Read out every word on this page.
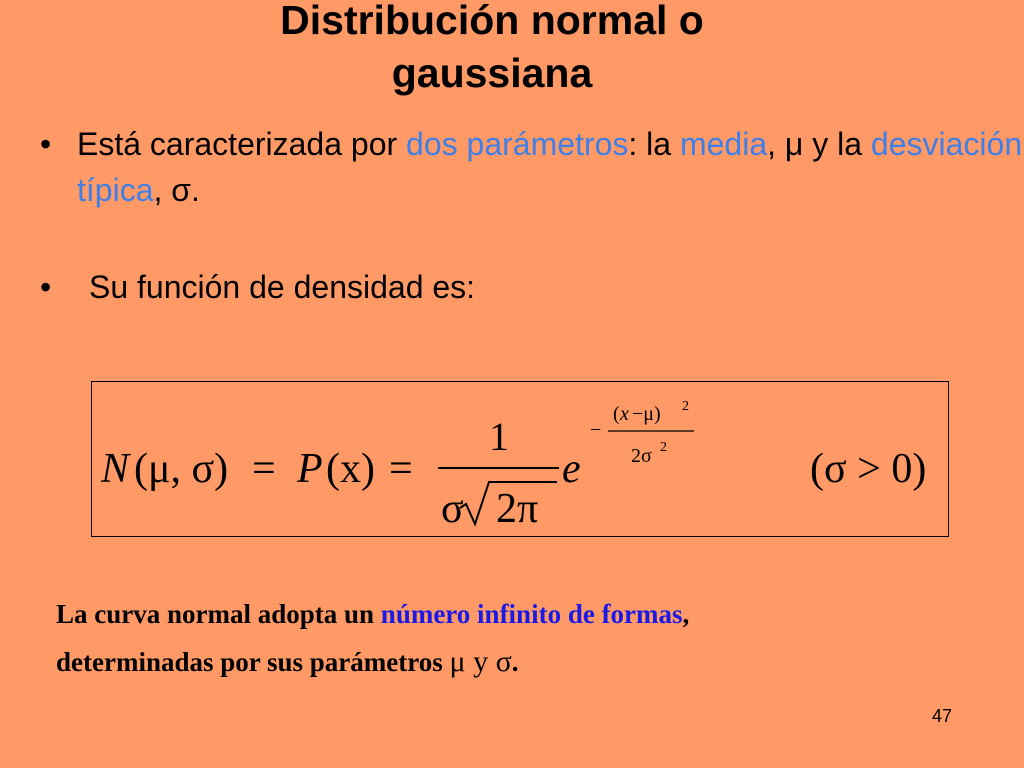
Distribución normal o
gaussiana
• Está caracterizada por dos parámetros: la media, μ y la desviación típica, σ.
• Su función de densidad es:
N (μ, σ) = P (x) =
1
σ 2π
e
−
( x −μ) 2
2σ 2	(σ > 0)
La curva normal adopta un número infinito de formas,
determinadas por sus parámetros μ y σ.
47
